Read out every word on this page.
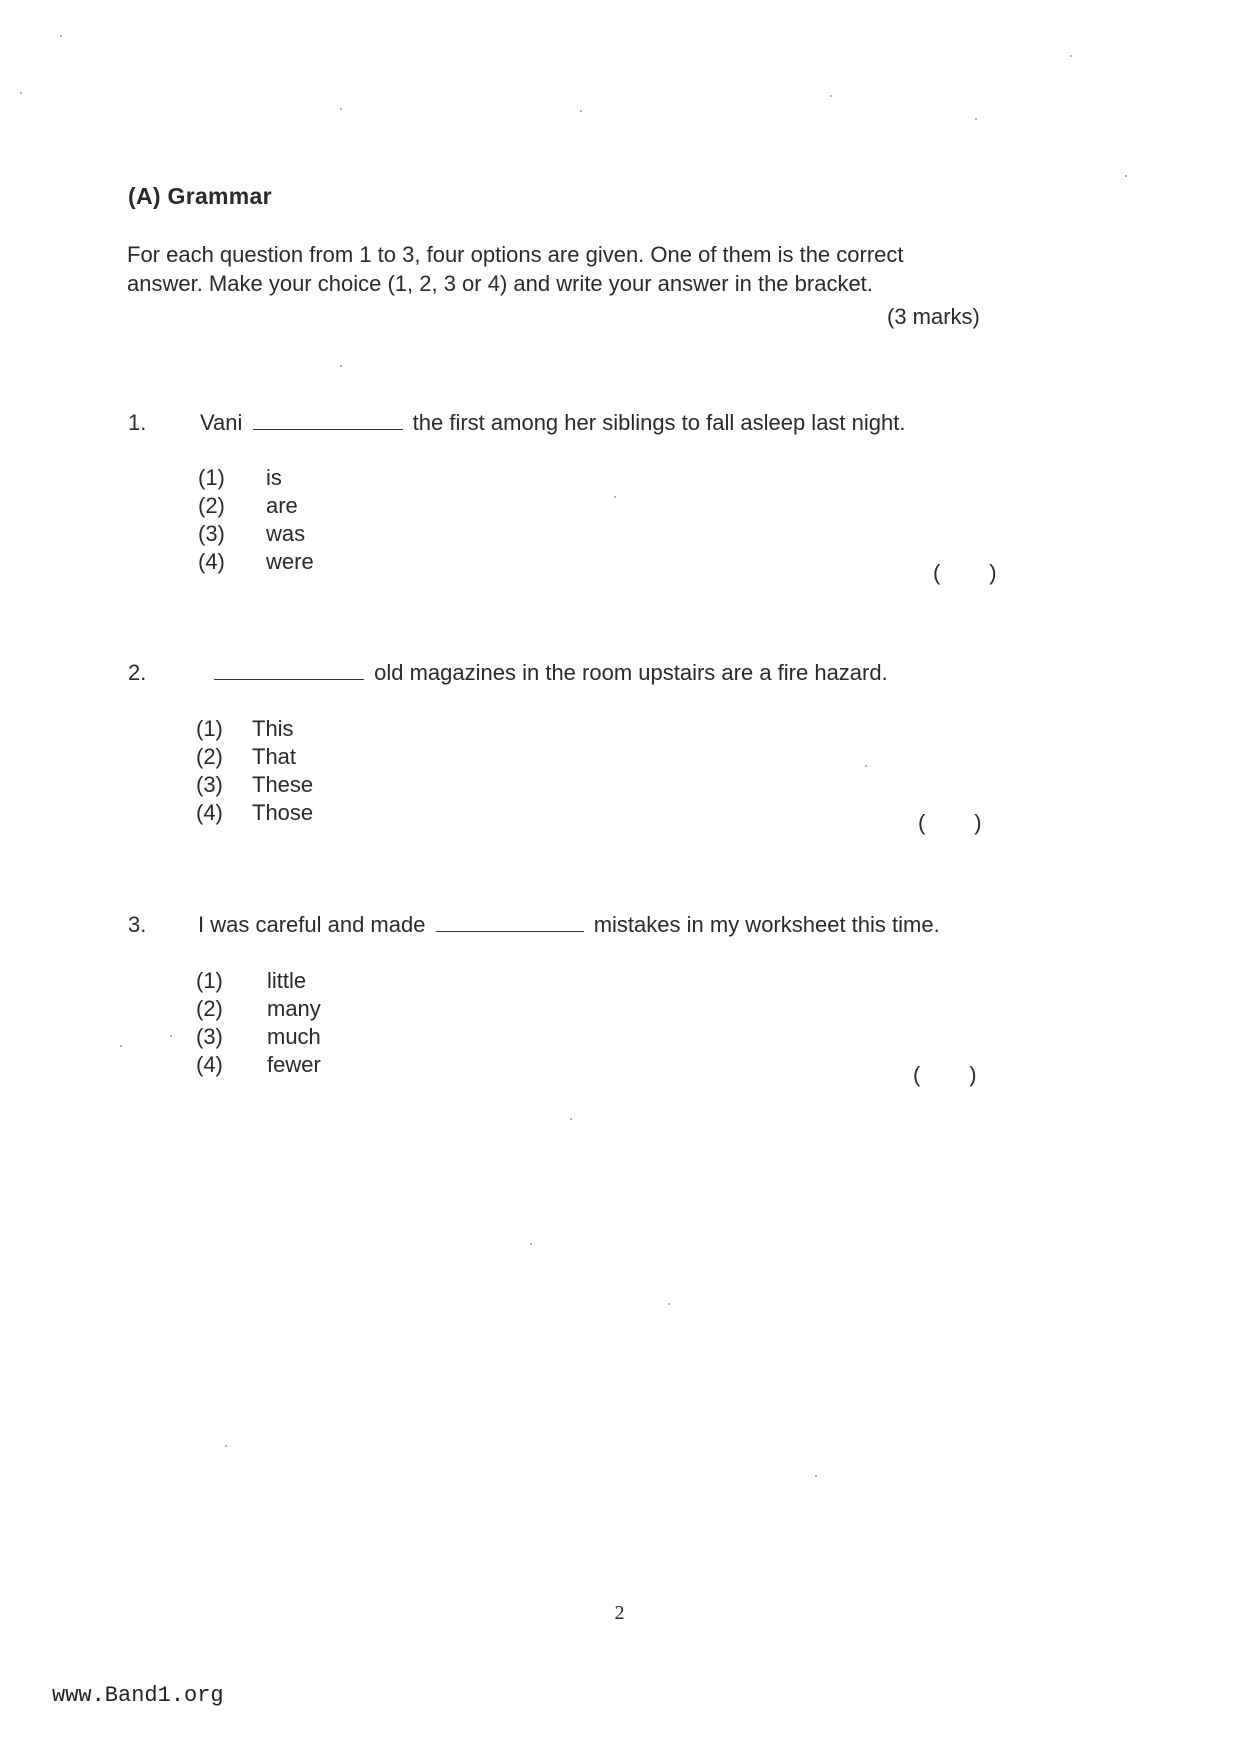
(A) Grammar
For each question from 1 to 3, four options are given. One of them is the correct
answer. Make your choice (1, 2, 3 or 4) and write your answer in the bracket.
(3 marks)
1. Vani	the first among her siblings to fall asleep last night.
(1)	is
(2)	are
(3)	was
(4)	were	(        )
2.	old magazines in the room upstairs are a fire hazard.
(1)	This
(2)	That
(3)	These
(4)	Those	(        )
3. I was careful and made	mistakes in my worksheet this time.
(1)	little
(2)	many
(3)	much
(4)	fewer	(        )
2
www.Band1.org
